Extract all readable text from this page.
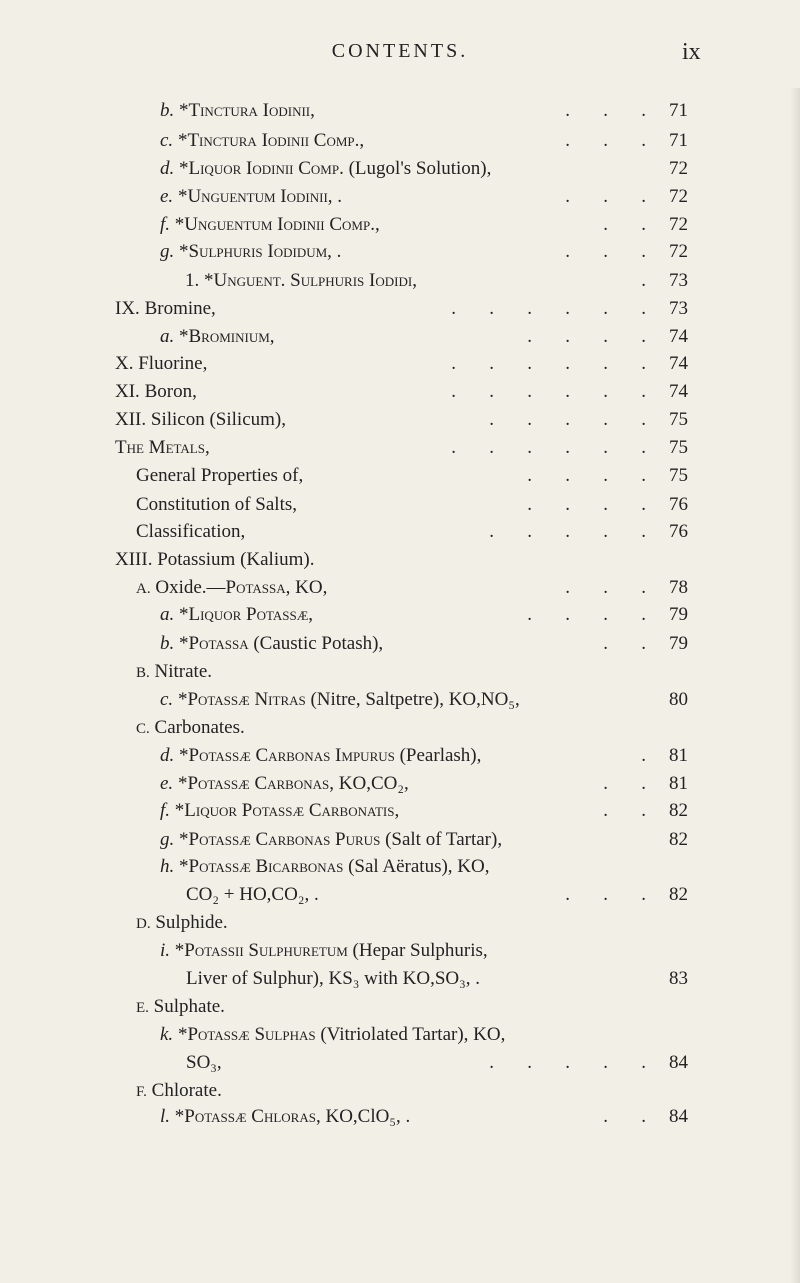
CONTENTS.	ix
b. *Tinctura Iodinii,	.       .       .	71
c. *Tinctura Iodinii Comp.,	.       .       .	71
d. *Liquor Iodinii Comp. (Lugol's Solution),	72
e. *Unguentum Iodinii, .	.       .       .	72
f. *Unguentum Iodinii Comp.,	.       .	72
g. *Sulphuris Iodidum, .	.       .       .	72
1. *Unguent. Sulphuris Iodidi,	.	73
IX. Bromine,	.       .       .       .       .       .	73
a. *Brominium,	.       .       .       .	74
X. Fluorine,	.       .       .       .       .       .	74
XI. Boron,	.       .       .       .       .       .	74
XII. Silicon (Silicum),	.       .       .       .       .	75
The Metals,	.       .       .       .       .       .	75
General Properties of,	.       .       .       .	75
Constitution of Salts,	.       .       .       .	76
Classification,	.       .       .       .       .	76
XIII. Potassium (Kalium).
A. Oxide.—Potassa, KO,	.       .       .	78
a. *Liquor Potassæ,	.       .       .       .	79
b. *Potassa (Caustic Potash),	.       .	79
B. Nitrate.
c. *Potassæ Nitras (Nitre, Saltpetre), KO,NO₅,	80
C. Carbonates.
d. *Potassæ Carbonas Impurus (Pearlash),	.	81
e. *Potassæ Carbonas, KO,CO₂,	.       .	81
f. *Liquor Potassæ Carbonatis,	.       .	82
g. *Potassæ Carbonas Purus (Salt of Tartar),	82
h. *Potassæ Bicarbonas (Sal Aëratus), KO,
CO₂ + HO,CO₂, .	.       .       .	82
D. Sulphide.
i. *Potassii Sulphuretum (Hepar Sulphuris,
Liver of Sulphur), KS₃ with KO,SO₃, .	83
E. Sulphate.
k. *Potassæ Sulphas (Vitriolated Tartar), KO,
SO₃,	.       .       .       .       .	84
F. Chlorate.
l. *Potassæ Chloras, KO,ClO₅, .	.       .	84
